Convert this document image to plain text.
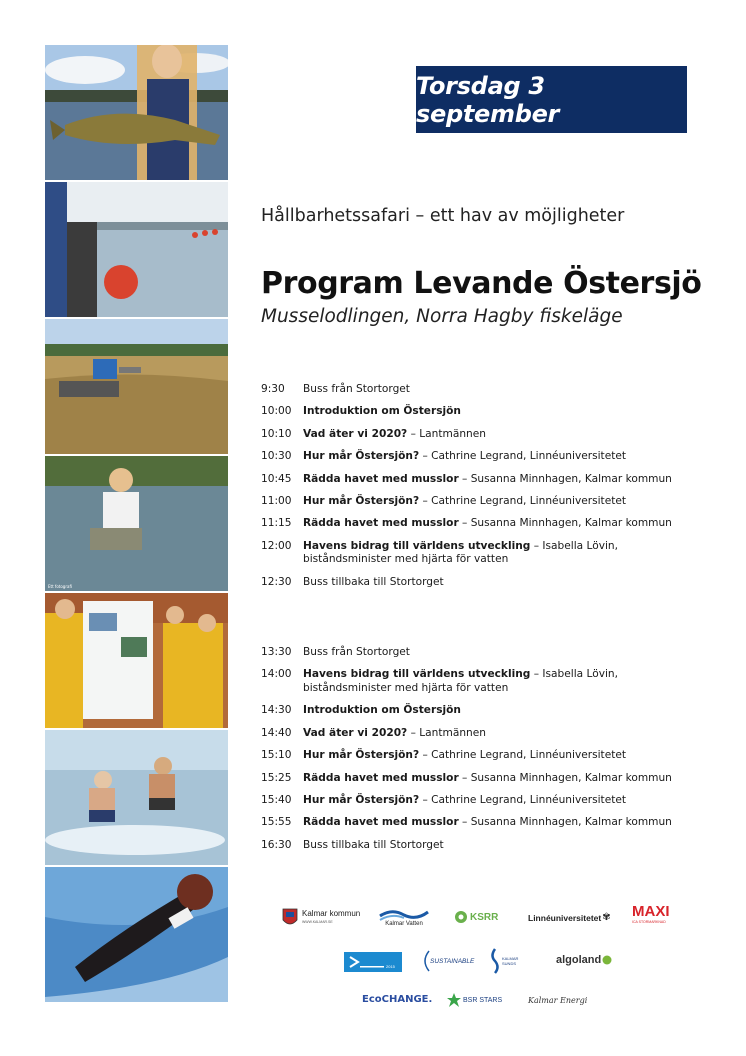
Ett fotografi
Torsdag 3 september
Hållbarhetssafari – ett hav av möjligheter
Program Levande Östersjö
Musselodlingen, Norra Hagby fiskeläge
9:30	Buss från Stortorget
10:00	Introduktion om Östersjön
10:10	Vad äter vi 2020? – Lantmännen
10:30	Hur mår Östersjön? – Cathrine Legrand, Linnéuniversitetet
10:45	Rädda havet med musslor – Susanna Minnhagen, Kalmar kommun
11:00	Hur mår Östersjön? – Cathrine Legrand, Linnéuniversitetet
11:15	Rädda havet med musslor – Susanna Minnhagen, Kalmar kommun
12:00	Havens bidrag till världens utveckling – Isabella Lövin, biståndsminister med hjärta för vatten
12:30	Buss tillbaka till Stortorget
13:30	Buss från Stortorget
14:00	Havens bidrag till världens utveckling – Isabella Lövin, biståndsminister med hjärta för vatten
14:30	Introduktion om Östersjön
14:40	Vad äter vi 2020? – Lantmännen
15:10	Hur mår Östersjön? – Cathrine Legrand, Linnéuniversitetet
15:25	Rädda havet med musslor – Susanna Minnhagen, Kalmar kommun
15:40	Hur mår Östersjön? – Cathrine Legrand, Linnéuniversitetet
15:55	Rädda havet med musslor – Susanna Minnhagen, Kalmar kommun
16:30	Buss tillbaka till Stortorget
Kalmar kommun
WWW.KALMAR.SE	Kalmar Vatten
KSRR	Linnéuniversitetet ✾ MAXI
ICA STORMARKNAD
2015
SUSTAINABLE	KALMAR SUNDS	algoland
EcoCHANGE.	BSR STARS	Kalmar Energi
